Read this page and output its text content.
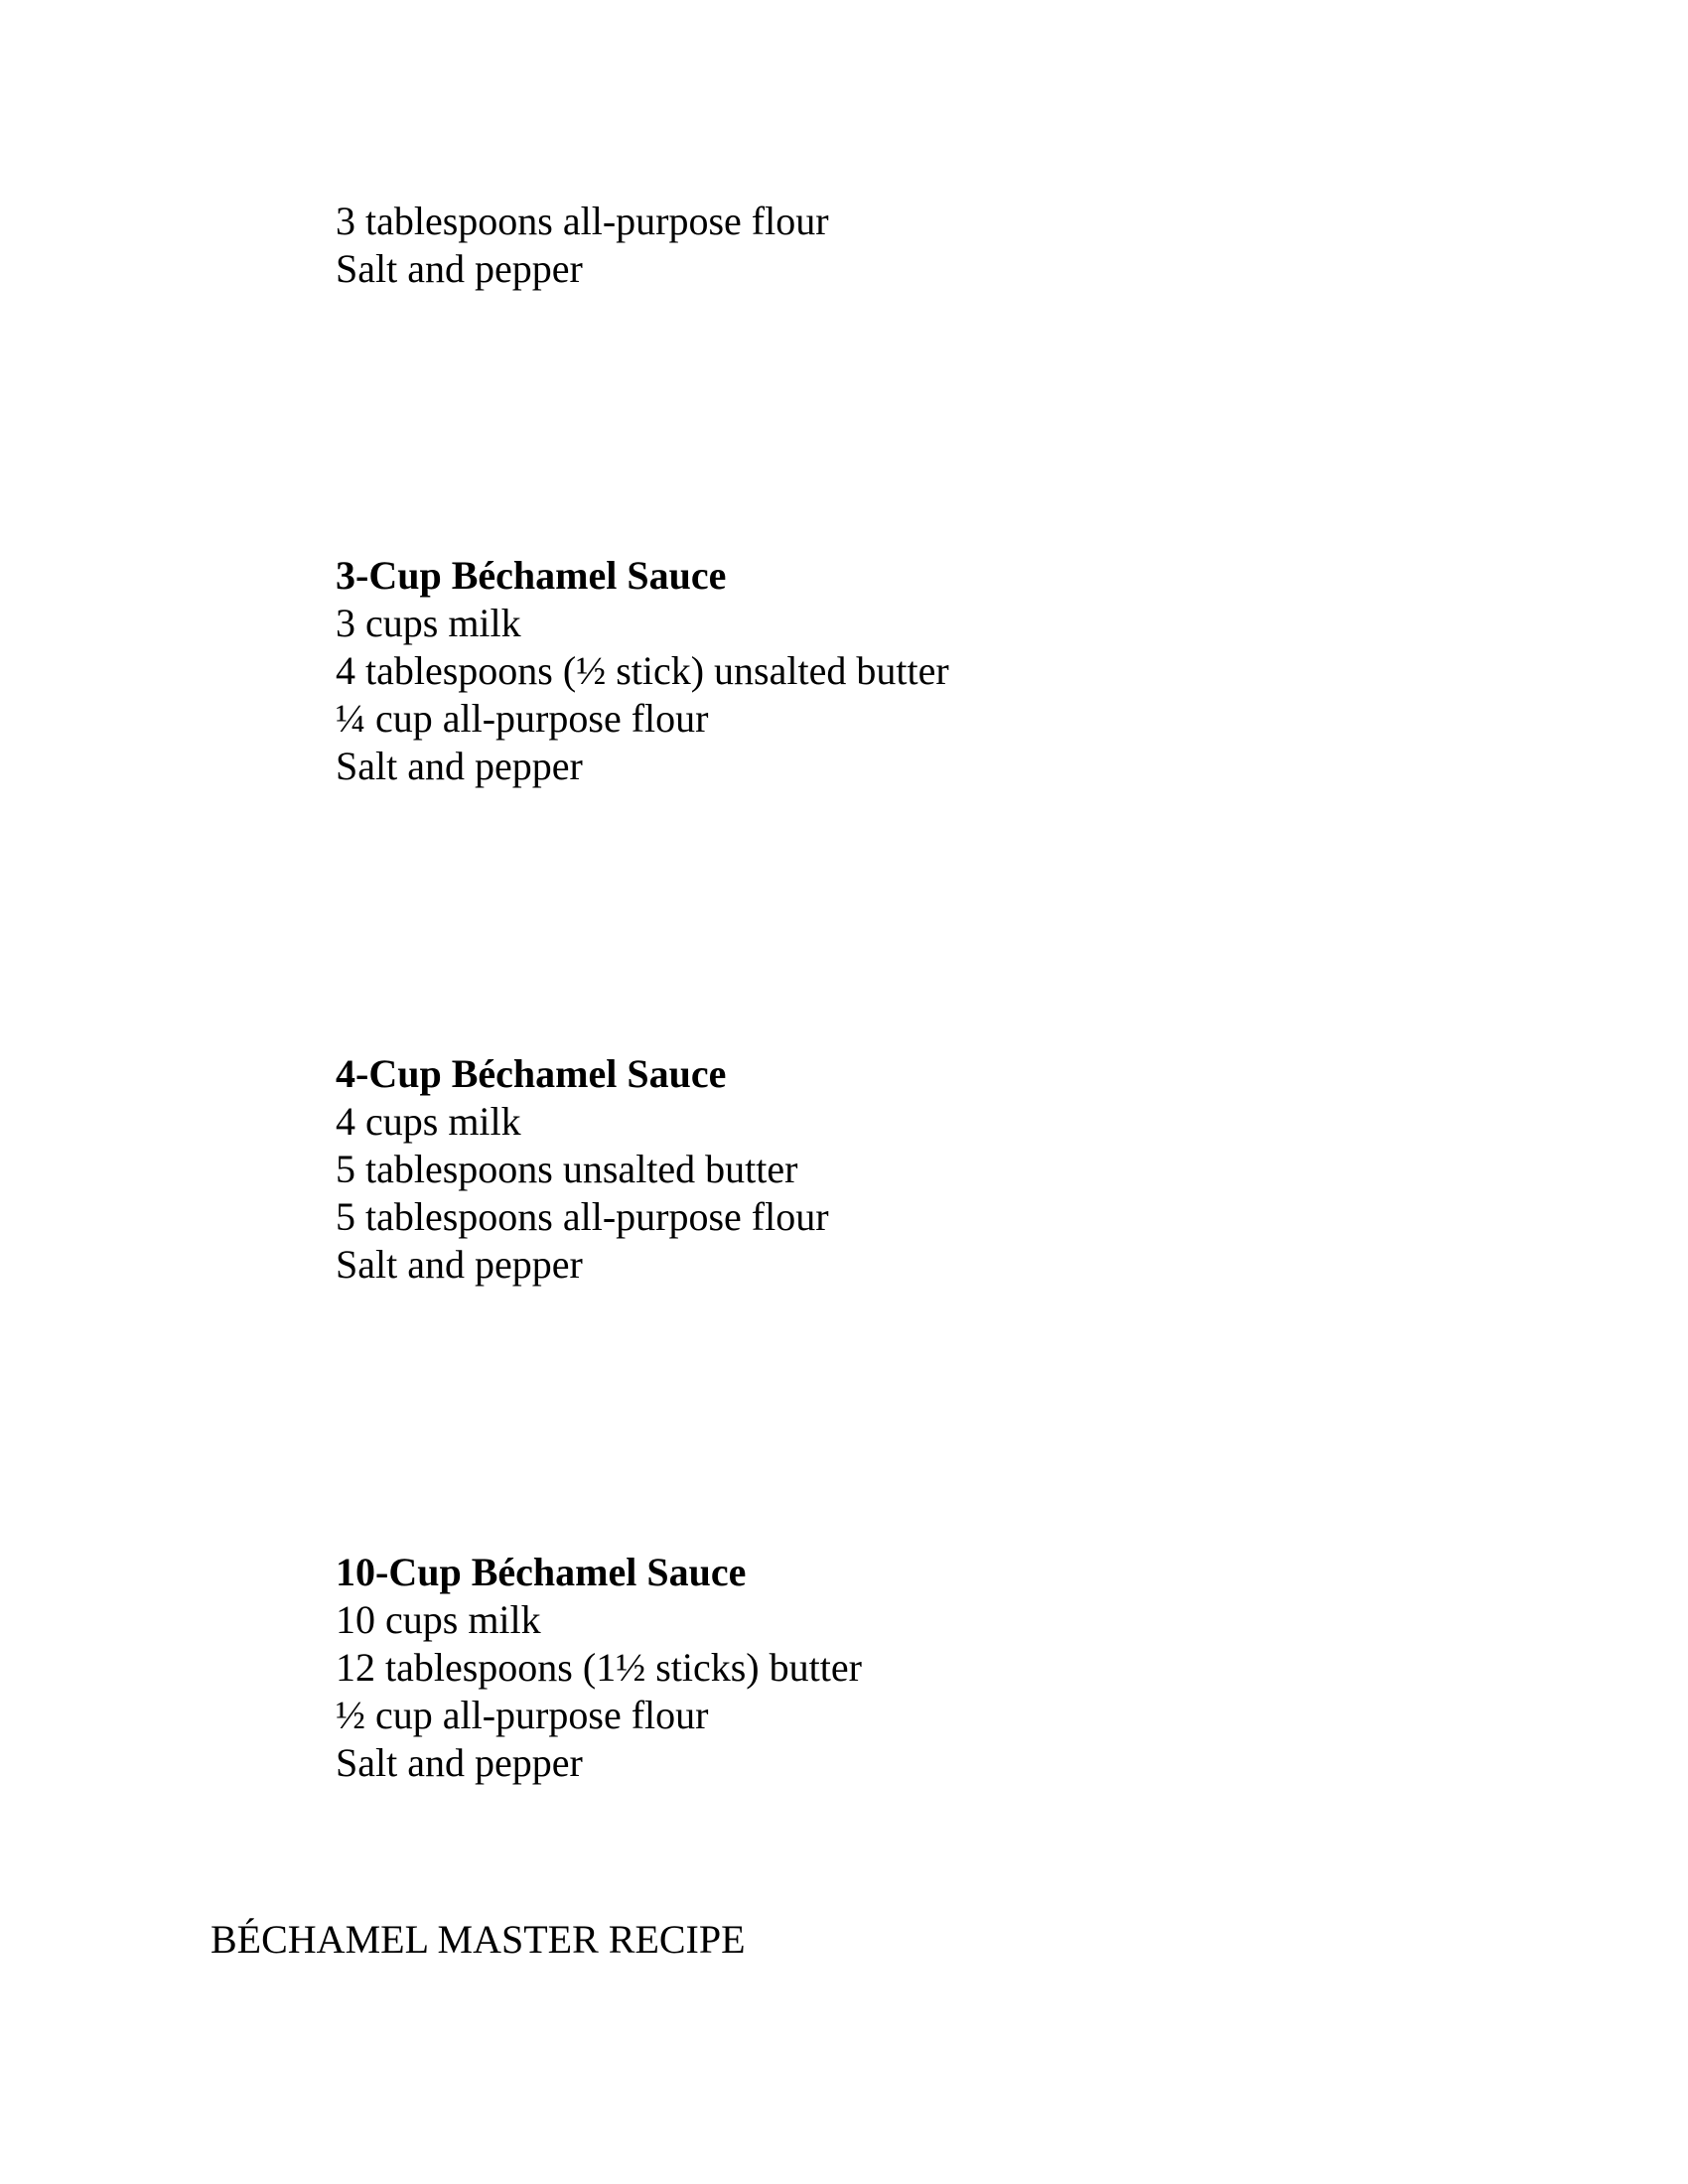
3 tablespoons all-purpose flour
Salt and pepper
3-Cup Béchamel Sauce
3 cups milk
4 tablespoons (½ stick) unsalted butter
¼ cup all-purpose flour
Salt and pepper
4-Cup Béchamel Sauce
4 cups milk
5 tablespoons unsalted butter
5 tablespoons all-purpose flour
Salt and pepper
10-Cup Béchamel Sauce
10 cups milk
12 tablespoons (1½ sticks) butter
½ cup all-purpose flour
Salt and pepper
BÉCHAMEL MASTER RECIPE
